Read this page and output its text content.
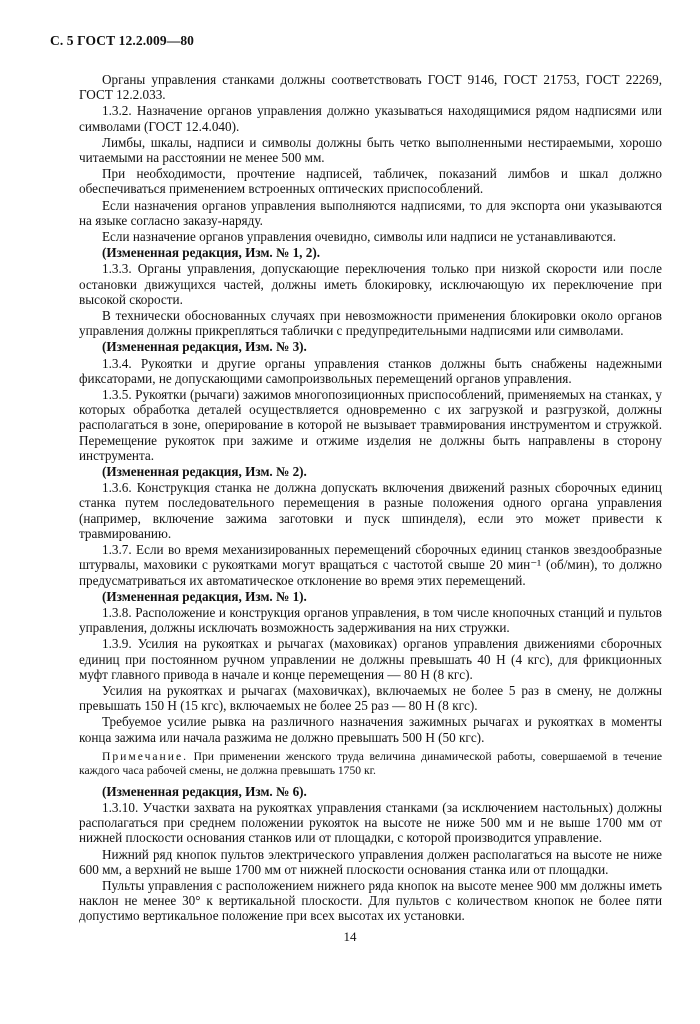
С. 5 ГОСТ 12.2.009—80

Органы управления станками должны соответствовать ГОСТ 9146, ГОСТ 21753, ГОСТ 22269, ГОСТ 12.2.033.

1.3.2. Назначение органов управления должно указываться находящимися рядом надписями или символами (ГОСТ 12.4.040).

Лимбы, шкалы, надписи и символы должны быть четко выполненными нестираемыми, хорошо читаемыми на расстоянии не менее 500 мм.

При необходимости, прочтение надписей, табличек, показаний лимбов и шкал должно обеспечиваться применением встроенных оптических приспособлений.

Если назначения органов управления выполняются надписями, то для экспорта они указываются на языке согласно заказу-наряду.

Если назначение органов управления очевидно, символы или надписи не устанавливаются.

(Измененная редакция, Изм. № 1, 2).

1.3.3. Органы управления, допускающие переключения только при низкой скорости или после остановки движущихся частей, должны иметь блокировку, исключающую их переключение при высокой скорости.

В технически обоснованных случаях при невозможности применения блокировки около органов управления должны прикрепляться таблички с предупредительными надписями или символами.

(Измененная редакция, Изм. № 3).

1.3.4. Рукоятки и другие органы управления станков должны быть снабжены надежными фиксаторами, не допускающими самопроизвольных перемещений органов управления.

1.3.5. Рукоятки (рычаги) зажимов многопозиционных приспособлений, применяемых на станках, у которых обработка деталей осуществляется одновременно с их загрузкой и разгрузкой, должны располагаться в зоне, оперирование в которой не вызывает травмирования инструментом и стружкой. Перемещение рукояток при зажиме и отжиме изделия не должны быть направлены в сторону инструмента.

(Измененная редакция, Изм. № 2).

1.3.6. Конструкция станка не должна допускать включения движений разных сборочных единиц станка путем последовательного перемещения в разные положения одного органа управления (например, включение зажима заготовки и пуск шпинделя), если это может привести к травмированию.

1.3.7. Если во время механизированных перемещений сборочных единиц станков звездообразные штурвалы, маховики с рукоятками могут вращаться с частотой свыше 20 мин⁻¹ (об/мин), то должно предусматриваться их автоматическое отклонение во время этих перемещений.

(Измененная редакция, Изм. № 1).

1.3.8. Расположение и конструкция органов управления, в том числе кнопочных станций и пультов управления, должны исключать возможность задерживания на них стружки.

1.3.9. Усилия на рукоятках и рычагах (маховиках) органов управления движениями сборочных единиц при постоянном ручном управлении не должны превышать 40 Н (4 кгс), для фрикционных муфт главного привода в начале и конце перемещения — 80 Н (8 кгс).

Усилия на рукоятках и рычагах (маховичках), включаемых не более 5 раз в смену, не должны превышать 150 Н (15 кгс), включаемых не более 25 раз — 80 Н (8 кгс).

Требуемое усилие рывка на различного назначения зажимных рычагах и рукоятках в моменты конца зажима или начала разжима не должно превышать 500 Н (50 кгс).

Примечание. При применении женского труда величина динамической работы, совершаемой в течение каждого часа рабочей смены, не должна превышать 1750 кг.

(Измененная редакция, Изм. № 6).

1.3.10. Участки захвата на рукоятках управления станками (за исключением настольных) должны располагаться при среднем положении рукояток на высоте не ниже 500 мм и не выше 1700 мм от нижней плоскости основания станков или от площадки, с которой производится управление.

Нижний ряд кнопок пультов электрического управления должен располагаться на высоте не ниже 600 мм, а верхний не выше 1700 мм от нижней плоскости основания станка или от площадки.

Пульты управления с расположением нижнего ряда кнопок на высоте менее 900 мм должны иметь наклон не менее 30° к вертикальной плоскости. Для пультов с количеством кнопок не более пяти допустимо вертикальное положение при всех высотах их установки.

14
